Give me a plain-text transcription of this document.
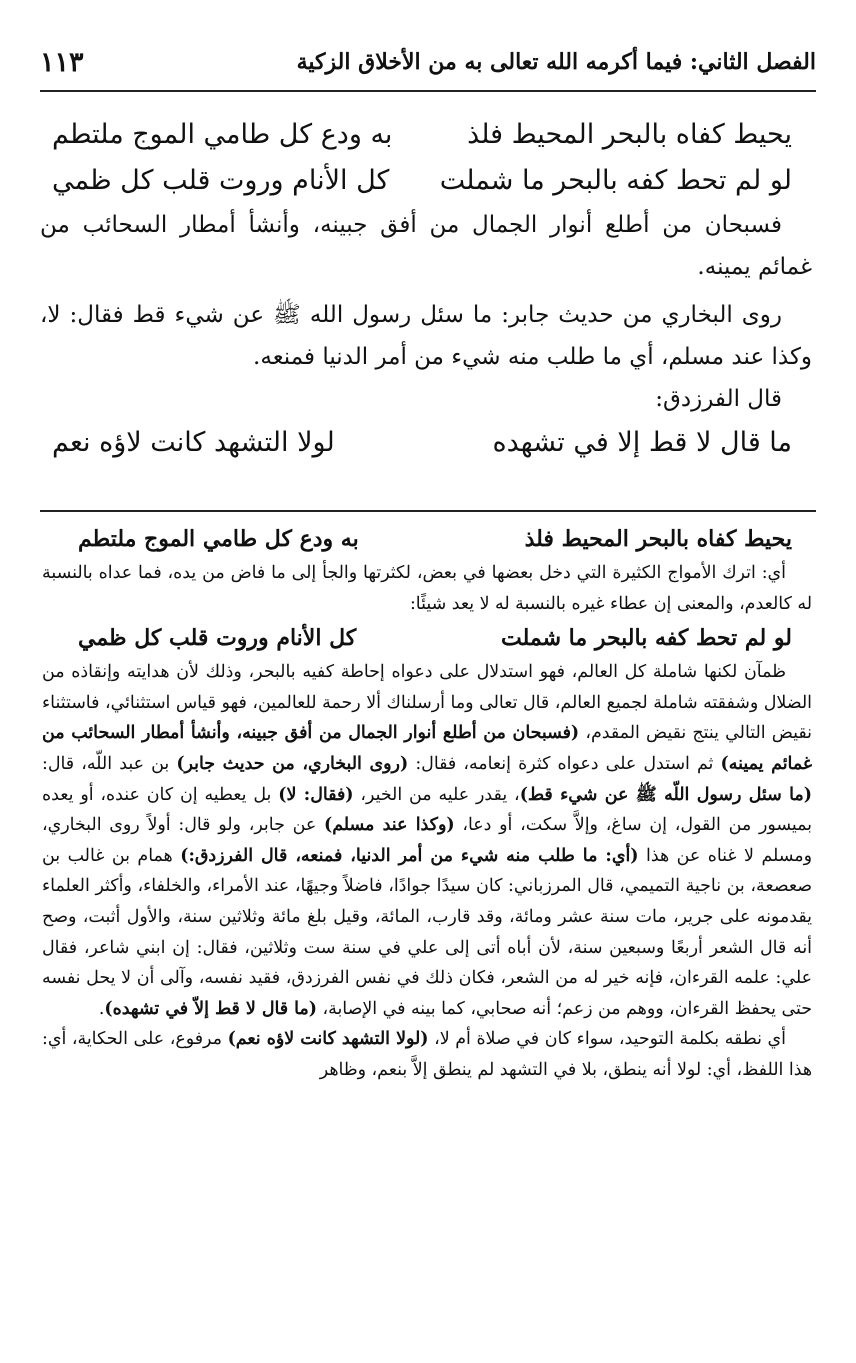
الفصل الثاني: فيما أكرمه الله تعالى به من الأخلاق الزكية
١١٣
يحيط كفاه بالبحر المحيط فلذ
به ودع كل طامي الموج ملتطم
لو لم تحط كفه بالبحر ما شملت
كل الأنام وروت قلب كل ظمي

فسبحان من أطلع أنوار الجمال من أفق جبينه، وأنشأ أمطار السحائب من غمائم يمينه.

روى البخاري من حديث جابر: ما سئل رسول الله ﷺ عن شيء قط فقال: لا، وكذا عند مسلم، أي ما طلب منه شيء من أمر الدنيا فمنعه.

قال الفرزدق:

ما قال لا قط إلا في تشهده
لولا التشهد كانت لاؤه نعم
يحيط كفاه بالبحر المحيط فلذ
به ودع كل طامي الموج ملتطم

أي: اترك الأمواج الكثيرة التي دخل بعضها في بعض، لكثرتها والجأ إلى ما فاض من يده، فما عداه بالنسبة له كالعدم، والمعنى إن عطاء غيره بالنسبة له لا يعد شيئًا:

لو لم تحط كفه بالبحر ما شملت
كل الأنام وروت قلب كل ظمي

ظمآن لكنها شاملة كل العالم، فهو استدلال على دعواه إحاطة كفيه بالبحر، وذلك لأن هدايته وإنقاذه من الضلال وشفقته شاملة لجميع العالم، قال تعالى وما أرسلناك ألا رحمة للعالمين، فهو قياس استثنائي، فاستثناء نقيض التالي ينتج نقيض المقدم، (فسبحان من أطلع أنوار الجمال من أفق جبينه، وأنشأ أمطار السحائب من غمائم يمينه) ثم استدل على دعواه كثرة إنعامه، فقال: (روى البخاري، من حديث جابر) بن عبد اللّه، قال: (ما سئل رسول اللّه ﷺ عن شيء قط)، يقدر عليه من الخير، (فقال: لا) بل يعطيه إن كان عنده، أو يعده بميسور من القول، إن ساغ، وإلاَّ سكت، أو دعا، (وكذا عند مسلم) عن جابر، ولو قال: أولاً روى البخاري، ومسلم لا غناه عن هذا (أي: ما طلب منه شيء من أمر الدنيا، فمنعه، قال الفرزدق:) همام بن غالب بن صعصعة، بن ناجية التميمي، قال المرزباني: كان سيدًا جوادًا، فاضلاً وجيهًا، عند الأمراء، والخلفاء، وأكثر العلماء يقدمونه على جرير، مات سنة عشر ومائة، وقد قارب، المائة، وقيل بلغ مائة وثلاثين سنة، والأول أثبت، وصح أنه قال الشعر أربعًا وسبعين سنة، لأن أباه أتى إلى علي في سنة ست وثلاثين، فقال: إن ابني شاعر، فقال علي: علمه القرءان، فإنه خير له من الشعر، فكان ذلك في نفس الفرزدق، فقيد نفسه، وآلى أن لا يحل نفسه حتى يحفظ القرءان، ووهم من زعم؛ أنه صحابي، كما بينه في الإصابة، (ما قال لا قط إلاّ في تشهده).

أي نطقه بكلمة التوحيد، سواء كان في صلاة أم لا، (لولا التشهد كانت لاؤه نعم) مرفوع، على الحكاية، أي: هذا اللفظ، أي: لولا أنه ينطق، بلا في التشهد لم ينطق إلاَّ بنعم، وظاهر
